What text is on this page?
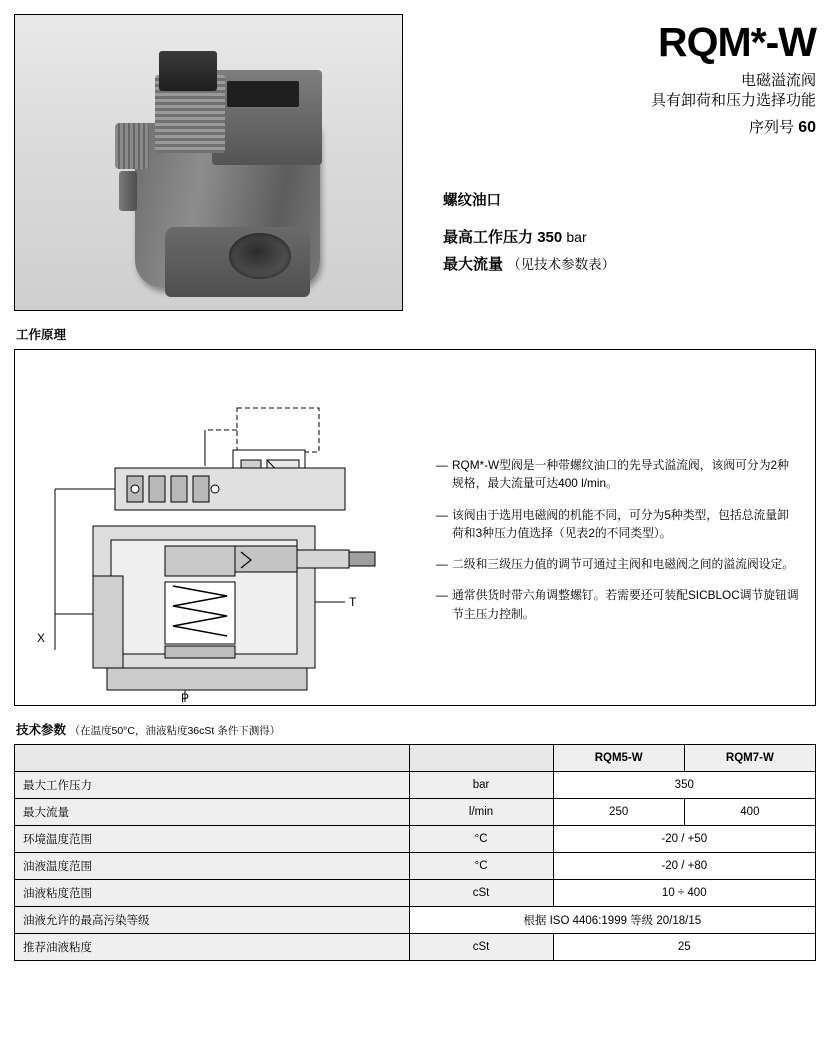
RQM*-W
电磁溢流阀
具有卸荷和压力选择功能
序列号 60
螺纹油口
最高工作压力 350 bar
最大流量 （见技术参数表）
工作原理
T
X
P
— RQM*-W型阀是一种带螺纹油口的先导式溢流阀，该阀可分为2种规格，最大流量可达400 l/min。
— 该阀由于选用电磁阀的机能不同，可分为5种类型，包括总流量卸荷和3种压力值选择（见表2的不同类型）。
— 二级和三级压力值的调节可通过主阀和电磁阀之间的溢流阀设定。
— 通常供货时带六角调整螺钉。若需要还可装配SICBLOC调节旋钮调节主压力控制。
技术参数 （在温度50°C，油液粘度36cSt 条件下测得）
		RQM5-W	RQM7-W
最大工作压力	bar	350	
最大流量	l/min	250	400
环境温度范围	°C	-20 / +50	
油液温度范围	°C	-20 / +80	
油液粘度范围	cSt	10 ÷ 400	
油液允许的最高污染等级	根据 ISO 4406:1999 等级 20/18/15		
推荐油液粘度	cSt	25	
